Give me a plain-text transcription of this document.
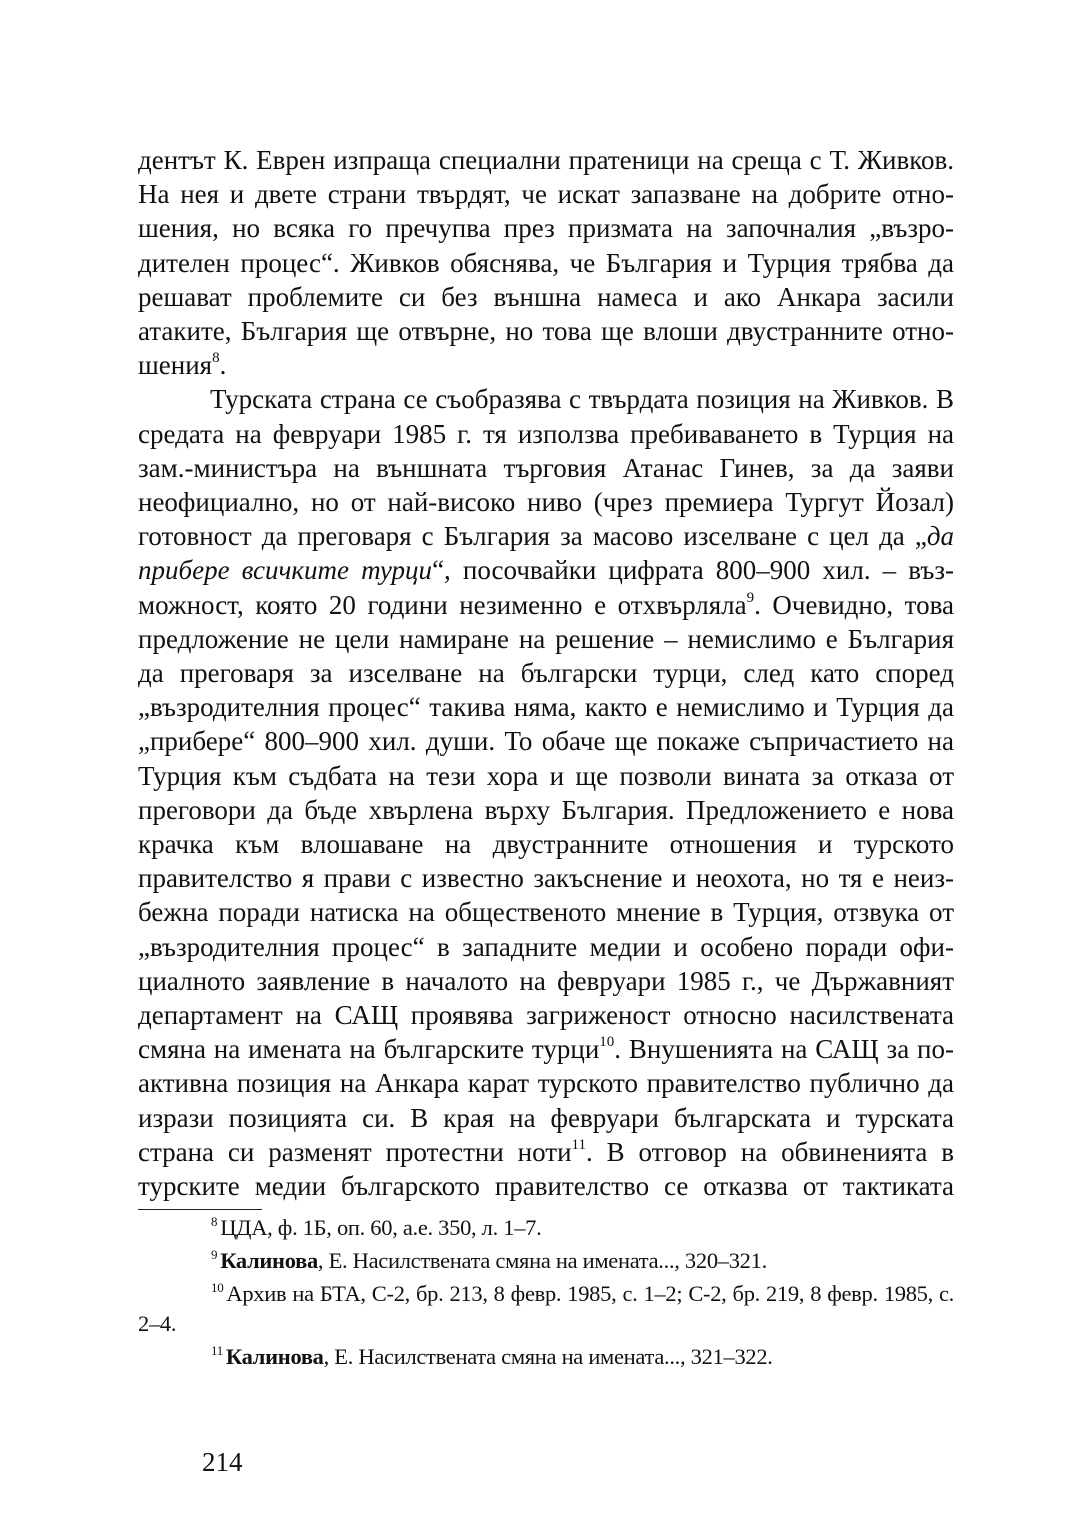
дентът К. Еврен изпраща специални пратеници на среща с Т. Живков. На нея и двете страни твърдят, че искат запазване на добрите отношения, но всяка го пречупва през призмата на започналия „възродителен процес“. Живков обяснява, че България и Турция трябва да решават проблемите си без външна намеса и ако Анкара засили атаките, България ще отвърне, но това ще влоши двустранните отношения$^8$.

Турската страна се съобразява с твърдата позиция на Живков. В средата на февруари 1985 г. тя използва пребиваването в Турция на зам.-министъра на външната търговия Атанас Гинев, за да заяви неофициално, но от най-високо ниво (чрез премиера Тургут Йозал) готовност да преговаря с България за масово изселване с цел да „да прибере всичките турци“, посочвайки цифрата 800–900 хил. – възможност, която 20 години незименно е отхвърляла$^9$. Очевидно, това предложение не цели намиране на решение – немислимо е България да преговаря за изселване на български турци, след като според „възродителния процес“ такива няма, както е немислимо и Турция да „прибере“ 800–900 хил. души. То обаче ще покаже съпричастието на Турция към съдбата на тези хора и ще позволи вината за отказа от преговори да бъде хвърлена върху България. Предложението е нова крачка към влошаване на двустранните отношения и турското правителство я прави с известно закъснение и неохота, но тя е неизбежна поради натиска на общественото мнение в Турция, отзвука от „възродителния процес“ в западните медии и особено поради официалното заявление в началото на февруари 1985 г., че Държавният департамент на САЩ проявява загриженост относно насилствената смяна на имената на българските турци$^{10}$. Внушенията на САЩ за по-активна позиция на Анкара карат турското правителство публично да изрази позицията си. В края на февруари българската и турската страна си разменят протестни ноти$^{11}$. В отговор на обвиненията в турските медии българското правителство се отказва от тактиката

$^8$ ЦДА, ф. 1Б, оп. 60, а.е. 350, л. 1–7.

$^9$ Калинова, Е. Насилствената смяна на имената..., 320–321.

$^{10}$ Архив на БТА, С-2, бр. 213, 8 февр. 1985, с. 1–2; С-2, бр. 219, 8 февр. 1985, с. 2–4.

$^{11}$ Калинова, Е. Насилствената смяна на имената..., 321–322.

214
